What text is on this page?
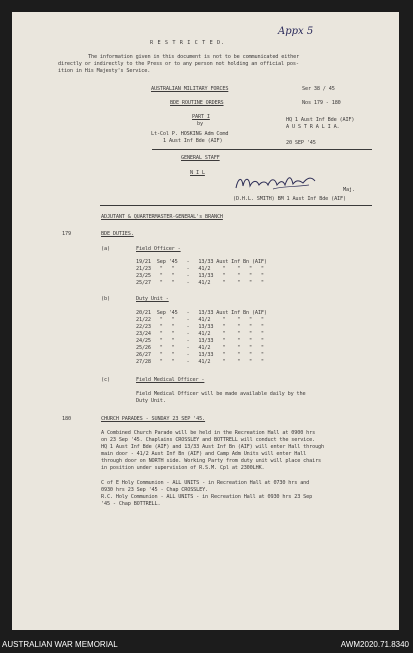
R E S T R I C T E D.
Appx 5
The information given in this document is not to be communicated either
directly or indirectly to the Press or to any person not holding an official pos-
ition in His Majesty's Service.
AUSTRALIAN MILITARY FORCES
BDE ROUTINE ORDERS
PART I
by
Lt-Col P. HOSKING Adm Comd
1 Aust Inf Bde (AIF)
Ser 38 / 45
Nos 179 - 180
HQ 1 Aust Inf Bde (AIF)
A U S T R A L I A.
20 SEP '45
GENERAL STAFF
N I L
Maj.
(D.H.L. SMITH) BM 1 Aust Inf Bde (AIF)
ADJUTANT & QUARTERMASTER-GENERAL's BRANCH
179	BDE DUTIES.
(a)	Field Officer -
19/21  Sep '45   -   13/33 Aust Inf Bn (AIF)
21/23   "   "    -   41/2    "    "   "   "
23/25   "   "    -   13/33   "    "   "   "
25/27   "   "    -   41/2    "    "   "   "
(b)	Duty Unit -
20/21  Sep '45   -   13/33 Aust Inf Bn (AIF)
21/22   "   "    -   41/2    "    "   "   "
22/23   "   "    -   13/33   "    "   "   "
23/24   "   "    -   41/2    "    "   "   "
24/25   "   "    -   13/33   "    "   "   "
25/26   "   "    -   41/2    "    "   "   "
26/27   "   "    -   13/33   "    "   "   "
27/28   "   "    -   41/2    "    "   "   "
(c)	Field Medical Officer -
Field Medical Officer will be made available daily by the
Duty Unit.
180	CHURCH PARADES - SUNDAY 23 SEP '45.
A Combined Church Parade will be held in the Recreation Hall at 0900 hrs
on 23 Sep '45. Chaplains CROSSLEY and BOTTRELL will conduct the service.
HQ 1 Aust Inf Bde (AIF) and 13/33 Aust Inf Bn (AIF) will enter Hall through
main door - 41/2 Aust Inf Bn (AIF) and Camp Adm Units will enter Hall
through door on NORTH side. Working Party from duty unit will place chairs
in position under supervision of R.S.M. Cpl at 2300LHK.
C of E Holy Communion - ALL UNITS - in Recreation Hall at 0730 hrs and
0930 hrs 23 Sep '45 - Chap CROSSLEY.
R.C. Holy Communion - ALL UNITS - in Recreation Hall at 0930 hrs 23 Sep
'45 - Chap BOTTRELL.
AUSTRALIAN WAR MEMORIAL	AWM2020.71.8340
